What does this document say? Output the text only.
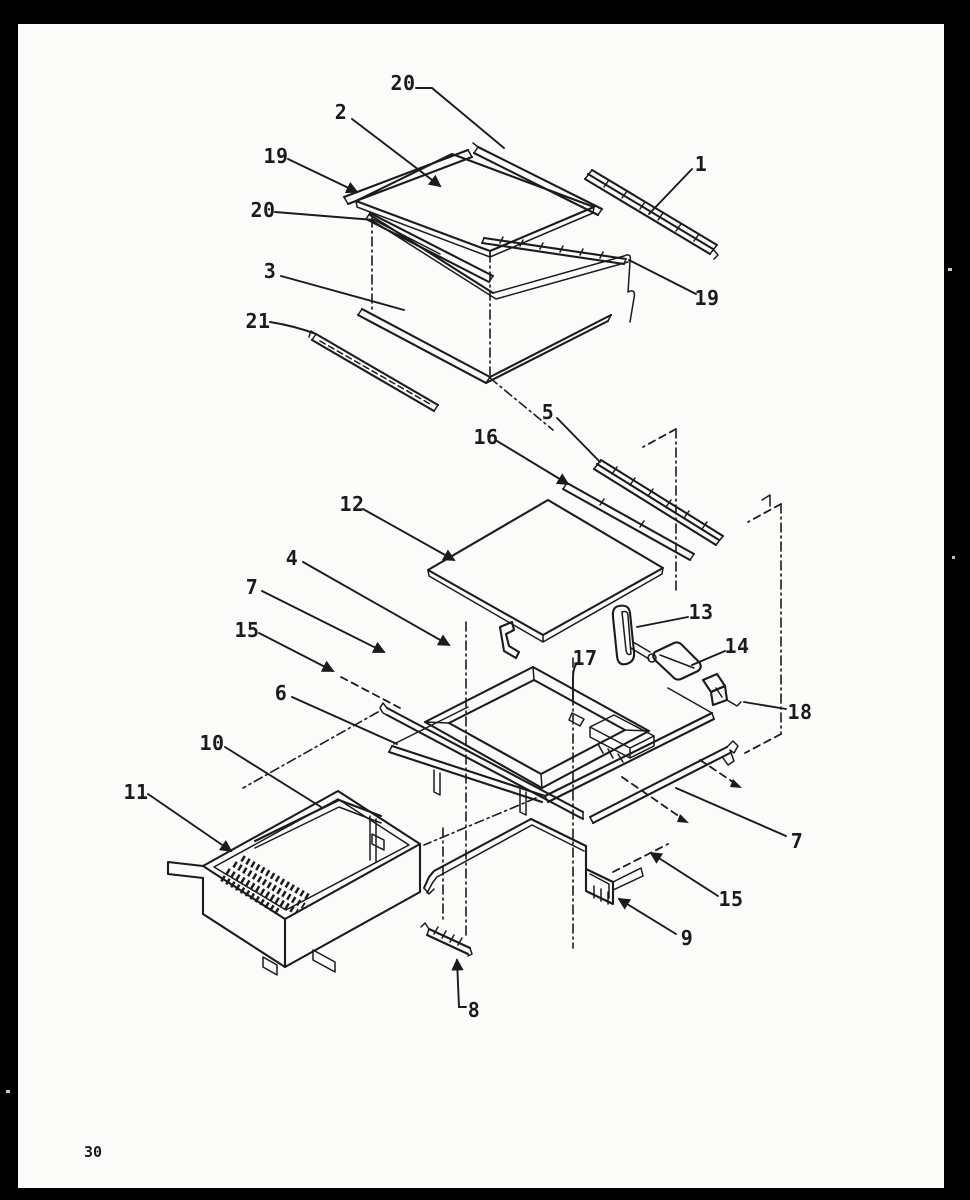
20
2
19
20
1
3
19
21
5
16
12
4
7
15
13
14
6
17
18
10
11
7
15
9
8
30
